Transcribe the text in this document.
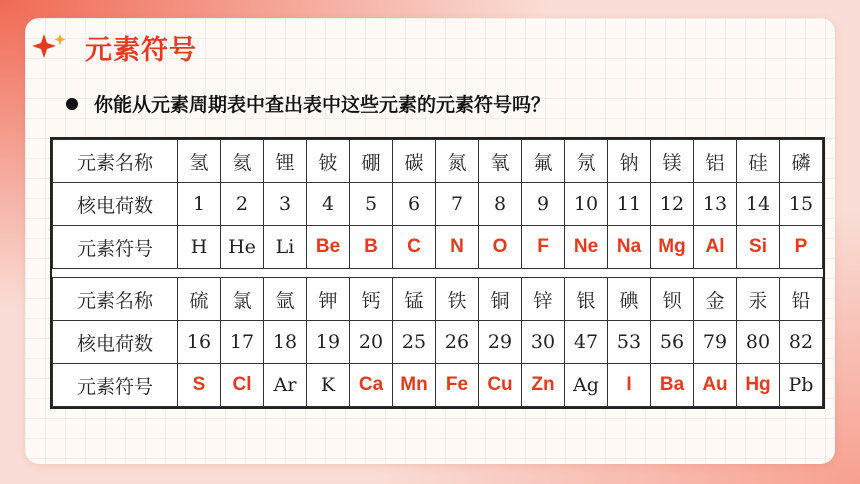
元素符号
你能从元素周期表中查出表中这些元素的元素符号吗？
元素名称	氢	氦	锂	铍	硼	碳	氮	氧	氟	氖	钠	镁	铝	硅	磷
核电荷数	1	2	3	4	5	6	7	8	9	10	11	12	13	14	15
元素符号	H	He	Li	Be	B	C	N	O	F	Ne	Na	Mg	Al	Si	P

元素名称	硫	氯	氩	钾	钙	锰	铁	铜	锌	银	碘	钡	金	汞	铅
核电荷数	16	17	18	19	20	25	26	29	30	47	53	56	79	80	82
元素符号	S	Cl	Ar	K	Ca	Mn	Fe	Cu	Zn	Ag	I	Ba	Au	Hg	Pb
